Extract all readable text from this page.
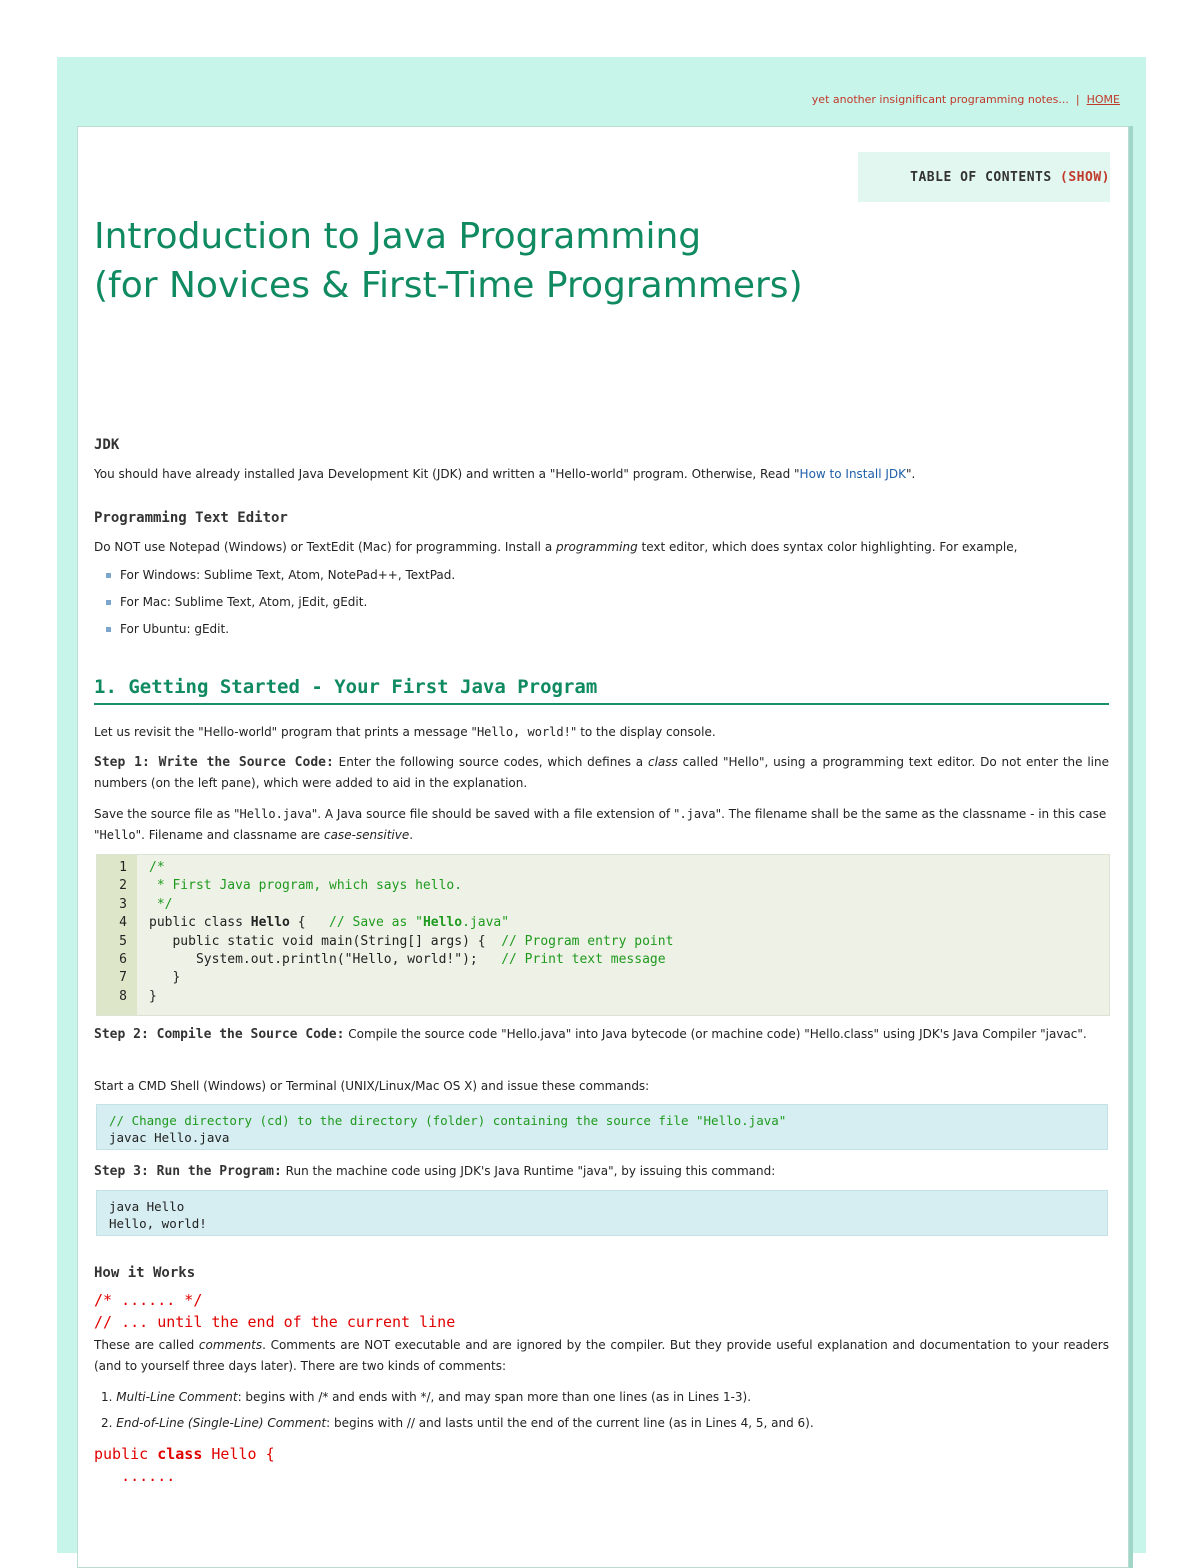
yet another insignificant programming notes... | HOME
TABLE OF CONTENTS
( SHOW )
Introduction to Java Programming
(for Novices & First-Time Programmers)
JDK
You should have already installed Java Development Kit (JDK) and written a "Hello-world" program. Otherwise, Read "How to Install JDK".
Programming Text Editor
Do NOT use Notepad (Windows) or TextEdit (Mac) for programming. Install a programming text editor, which does syntax color highlighting. For example,
For Windows: Sublime Text, Atom, NotePad++, TextPad.
For Mac: Sublime Text, Atom, jEdit, gEdit.
For Ubuntu: gEdit.
1. Getting Started - Your First Java Program
Let us revisit the "Hello-world" program that prints a message "Hello, world!" to the display console.
Step 1: Write the Source Code: Enter the following source codes, which defines a class called "Hello", using a programming text editor. Do not enter the line numbers (on the left pane), which were added to aid in the explanation.
Save the source file as "Hello.java". A Java source file should be saved with a file extension of ".java". The filename shall be the same as the classname - in this case "Hello". Filename and classname are case-sensitive.
1
2
3
4
5
6
7
8
/*
* First Java program, which says hello.
*/
public class Hello {   // Save as "Hello.java"
public static void main(String[] args) {  // Program entry point
System.out.println("Hello, world!");   // Print text message
}
}
Step 2: Compile the Source Code: Compile the source code "Hello.java" into Java bytecode (or machine code) "Hello.class" using JDK's Java Compiler "javac".
Start a CMD Shell (Windows) or Terminal (UNIX/Linux/Mac OS X) and issue these commands:
// Change directory (cd) to the directory (folder) containing the source file "Hello.java"
javac Hello.java
Step 3: Run the Program: Run the machine code using JDK's Java Runtime "java", by issuing this command:
java Hello
Hello, world!
How it Works
/* ...... */
// ... until the end of the current line
These are called comments. Comments are NOT executable and are ignored by the compiler. But they provide useful explanation and documentation to your readers (and to yourself three days later). There are two kinds of comments:
1. Multi-Line Comment: begins with /* and ends with */, and may span more than one lines (as in Lines 1-3).
2. End-of-Line (Single-Line) Comment: begins with // and lasts until the end of the current line (as in Lines 4, 5, and 6).
public class Hello {
......
